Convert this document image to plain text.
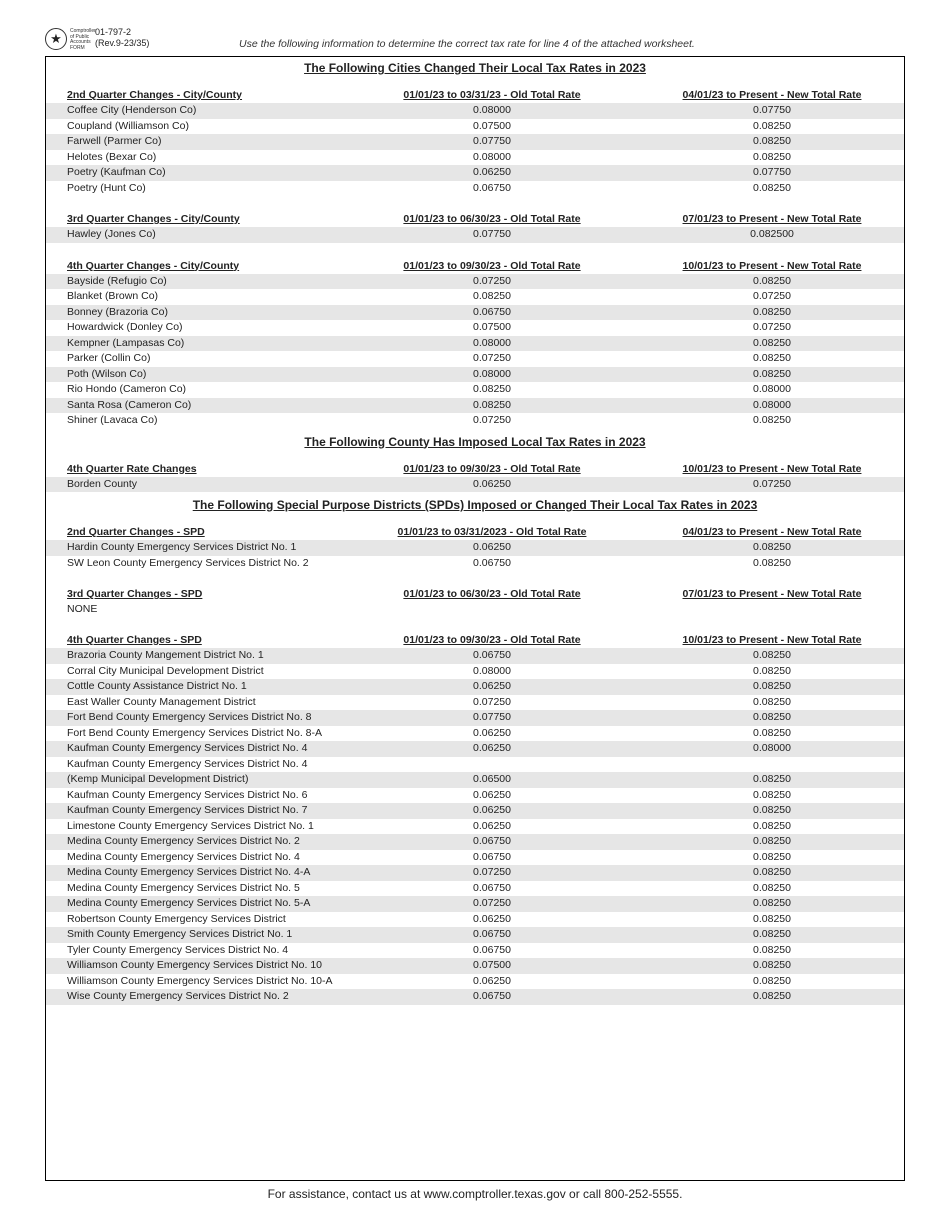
★	Comptroller
of Public
Accounts
FORM
01-797-2
(Rev.9-23/35)	Use the following information to determine the correct tax rate for line 4 of the attached worksheet.
The Following Cities Changed Their Local Tax Rates in 2023
2nd Quarter Changes - City/County	01/01/23 to 03/31/23 - Old Total Rate	04/01/23 to Present - New Total Rate
Coffee City (Henderson Co)	0.08000	0.07750
Coupland (Williamson Co)	0.07500	0.08250
Farwell (Parmer Co)	0.07750	0.08250
Helotes (Bexar Co)	0.08000	0.08250
Poetry (Kaufman Co)	0.06250	0.07750
Poetry (Hunt Co)	0.06750	0.08250
3rd Quarter Changes - City/County	01/01/23 to 06/30/23 - Old Total Rate	07/01/23 to Present - New Total Rate
Hawley (Jones Co)	0.07750	0.082500
4th Quarter Changes - City/County	01/01/23 to 09/30/23 - Old Total Rate	10/01/23 to Present - New Total Rate
Bayside (Refugio Co)	0.07250	0.08250
Blanket (Brown Co)	0.08250	0.07250
Bonney (Brazoria Co)	0.06750	0.08250
Howardwick (Donley Co)	0.07500	0.07250
Kempner (Lampasas Co)	0.08000	0.08250
Parker (Collin Co)	0.07250	0.08250
Poth (Wilson Co)	0.08000	0.08250
Rio Hondo (Cameron Co)	0.08250	0.08000
Santa Rosa (Cameron Co)	0.08250	0.08000
Shiner (Lavaca Co)	0.07250	0.08250
The Following County Has Imposed Local Tax Rates in 2023
4th Quarter Rate Changes	01/01/23 to 09/30/23 - Old Total Rate	10/01/23 to Present - New Total Rate
Borden County	0.06250	0.07250
The Following Special Purpose Districts (SPDs) Imposed or Changed Their Local Tax Rates in 2023
2nd Quarter Changes - SPD	01/01/23 to 03/31/2023 - Old Total Rate	04/01/23 to Present - New Total Rate
Hardin County Emergency Services District No. 1	0.06250	0.08250
SW Leon County Emergency Services District No. 2	0.06750	0.08250
3rd Quarter Changes - SPD	01/01/23 to 06/30/23 - Old Total Rate	07/01/23 to Present - New Total Rate
NONE
4th Quarter Changes - SPD	01/01/23 to 09/30/23 - Old Total Rate	10/01/23 to Present - New Total Rate
Brazoria County Mangement District No. 1	0.06750	0.08250
Corral City Municipal Development District	0.08000	0.08250
Cottle County Assistance District No. 1	0.06250	0.08250
East Waller County Management District	0.07250	0.08250
Fort Bend County Emergency Services District No. 8	0.07750	0.08250
Fort Bend County Emergency Services District No. 8-A	0.06250	0.08250
Kaufman County Emergency Services District No. 4	0.06250	0.08000
Kaufman County Emergency Services District No. 4
(Kemp Municipal Development District)	0.06500	0.08250
Kaufman County Emergency Services District No. 6	0.06250	0.08250
Kaufman County Emergency Services District No. 7	0.06250	0.08250
Limestone County Emergency Services District No. 1	0.06250	0.08250
Medina County Emergency Services District No. 2	0.06750	0.08250
Medina County Emergency Services District No. 4	0.06750	0.08250
Medina County Emergency Services District No. 4-A	0.07250	0.08250
Medina County Emergency Services District No. 5	0.06750	0.08250
Medina County Emergency Services District No. 5-A	0.07250	0.08250
Robertson County Emergency Services District	0.06250	0.08250
Smith County Emergency Services District No. 1	0.06750	0.08250
Tyler County Emergency Services District No. 4	0.06750	0.08250
Williamson County Emergency Services District No. 10	0.07500	0.08250
Williamson County Emergency Services District No. 10-A	0.06250	0.08250
Wise County Emergency Services District No. 2	0.06750	0.08250
For assistance, contact us at www.comptroller.texas.gov or call 800-252-5555.
